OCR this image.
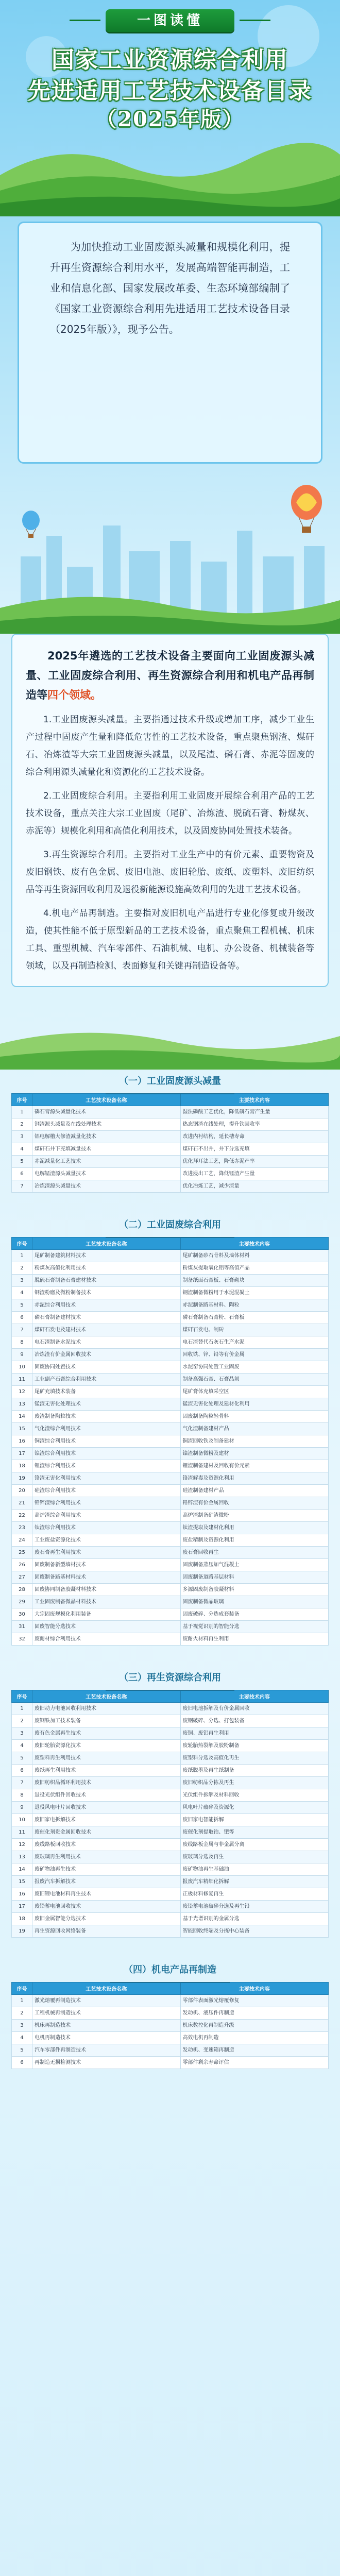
一图读懂
国家工业资源综合利用
先进适用工艺技术设备目录
（2025年版）

为加快推动工业固废源头减量和规模化利用，提升再生资源综合利用水平，发展高端智能再制造，工业和信息化部、国家发展改革委、生态环境部编制了《国家工业资源综合利用先进适用工艺技术设备目录（2025年版）》，现予公告。

2025年遴选的工艺技术设备主要面向工业固废源头减量、工业固废综合利用、再生资源综合利用和机电产品再制造等四个领域。

1.工业固废源头减量。主要指通过技术升级或增加工序，减少工业生产过程中固废产生量和降低危害性的工艺技术设备，重点聚焦钢渣、煤矸石、冶炼渣等大宗工业固废源头减量，以及尾渣、磷石膏、赤泥等固废的综合利用源头减量化和资源化的工艺技术设备。

2.工业固废综合利用。主要指利用工业固废开展综合利用产品的工艺技术设备，重点关注大宗工业固废（尾矿、冶炼渣、脱硫石膏、粉煤灰、赤泥等）规模化利用和高值化利用技术，以及固废协同处置技术装备。

3.再生资源综合利用。主要指对工业生产中的有价元素、重要物资及废旧钢铁、废有色金属、废旧电池、废旧轮胎、废纸、废塑料、废旧纺织品等再生资源回收利用及退役新能源设施高效利用的先进工艺技术设备。

4.机电产品再制造。主要指对废旧机电产品进行专业化修复或升级改造，使其性能不低于原型新品的工艺技术设备，重点聚焦工程机械、机床工具、重型机械、汽车零部件、石油机械、电机、办公设备、机械装备等领域，以及再制造检测、表面修复和关键再制造设备等。

（一）工业固废源头减量
序号	工艺技术设备名称	主要技术内容
1	磷石膏源头减量化技术	湿法磷酸工艺优化，降低磷石膏产生量
2	钢渣源头减量及在线处理技术	热态钢渣在线处理，提升铁回收率
3	铝电解槽大修渣减量化技术	改进内衬结构，延长槽寿命
4	煤矸石井下充填减量技术	煤矸石不出井，井下分选充填
5	赤泥减量化工艺技术	优化拜耳法工艺，降低赤泥产率
6	电解锰渣源头减量技术	改进浸出工艺，降低锰渣产生量
7	冶炼渣源头减量技术	优化冶炼工艺，减少渣量
（二）工业固废综合利用
序号	工艺技术设备名称	主要技术内容
1	尾矿制备建筑材料技术	尾矿制备砂石骨料及墙体材料
2	粉煤灰高值化利用技术	粉煤灰提取氧化铝等高值产品
3	脱硫石膏制备石膏建材技术	制备纸面石膏板、石膏砌块
4	钢渣粉磨及微粉制备技术	钢渣制备微粉用于水泥混凝土
5	赤泥综合利用技术	赤泥制备路基材料、陶粒
6	磷石膏制备建材技术	磷石膏制备石膏粉、石膏板
7	煤矸石发电及建材技术	煤矸石发电、制砖
8	电石渣制备水泥技术	电石渣替代石灰石生产水泥
9	冶炼渣有价金属回收技术	回收铁、锌、铅等有价金属
10	固废协同处置技术	水泥窑协同处置工业固废
11	工业副产石膏综合利用技术	制备高强石膏、石膏晶须
12	尾矿充填技术装备	尾矿膏体充填采空区
13	锰渣无害化处理技术	锰渣无害化处理及建材化利用
14	废渣制备陶粒技术	固废制备陶粒轻骨料
15	气化渣综合利用技术	气化渣制备建材产品
16	铜渣综合利用技术	铜渣回收铁及制备建材
17	镍渣综合利用技术	镍渣制备微粉及建材
18	锂渣综合利用技术	锂渣制备建材及回收有价元素
19	铬渣无害化利用技术	铬渣解毒及资源化利用
20	硅渣综合利用技术	硅渣制备建材产品
21	铅锌渣综合利用技术	铅锌渣有价金属回收
22	高炉渣综合利用技术	高炉渣制备矿渣微粉
23	钛渣综合利用技术	钛渣提取及建材化利用
24	工业废盐资源化技术	废盐精制及资源化利用
25	废石膏再生利用技术	废石膏回收再生
26	固废制备新型墙材技术	固废制备蒸压加气混凝土
27	固废制备路基材料技术	固废制备道路基层材料
28	固废协同制备胶凝材料技术	多源固废制备胶凝材料
29	工业固废制备微晶材料技术	固废制备微晶玻璃
30	大宗固废规模化利用装备	固废破碎、分选成套装备
31	固废智能分选技术	基于视觉识别的智能分选
32	废耐材综合利用技术	废耐火材料再生利用
（三）再生资源综合利用
序号	工艺技术设备名称	主要技术内容
1	废旧动力电池回收利用技术	废旧电池拆解及有价金属回收
2	废钢铁加工技术装备	废钢破碎、分选、打包装备
3	废有色金属再生技术	废铜、废铝再生利用
4	废旧轮胎资源化技术	废轮胎热裂解及胶粉制备
5	废塑料再生利用技术	废塑料分选及高值化再生
6	废纸再生利用技术	废纸脱墨及再生纸制备
7	废旧纺织品循环利用技术	废旧纺织品分拣及再生
8	退役光伏组件回收技术	光伏组件拆解及材料回收
9	退役风电叶片回收技术	风电叶片破碎及资源化
10	废旧家电拆解技术	废旧家电智能拆解
11	废催化剂贵金属回收技术	废催化剂提取铂、钯等
12	废线路板回收技术	废线路板金属与非金属分离
13	废玻璃再生利用技术	废玻璃分选及再生
14	废矿物油再生技术	废矿物油再生基础油
15	报废汽车拆解技术	报废汽车精细化拆解
16	废旧锂电池材料再生技术	正极材料修复再生
17	废铅蓄电池回收技术	废铅蓄电池破碎分选及再生铅
18	废旧金属智能分选技术	基于光谱识别的金属分选
19	再生资源回收网络装备	智能回收终端及分拣中心装备
（四）机电产品再制造
序号	工艺技术设备名称	主要技术内容
1	激光熔覆再制造技术	零部件表面激光熔覆修复
2	工程机械再制造技术	发动机、液压件再制造
3	机床再制造技术	机床数控化再制造升级
4	电机再制造技术	高效电机再制造
5	汽车零部件再制造技术	发动机、变速箱再制造
6	再制造无损检测技术	零部件剩余寿命评估
